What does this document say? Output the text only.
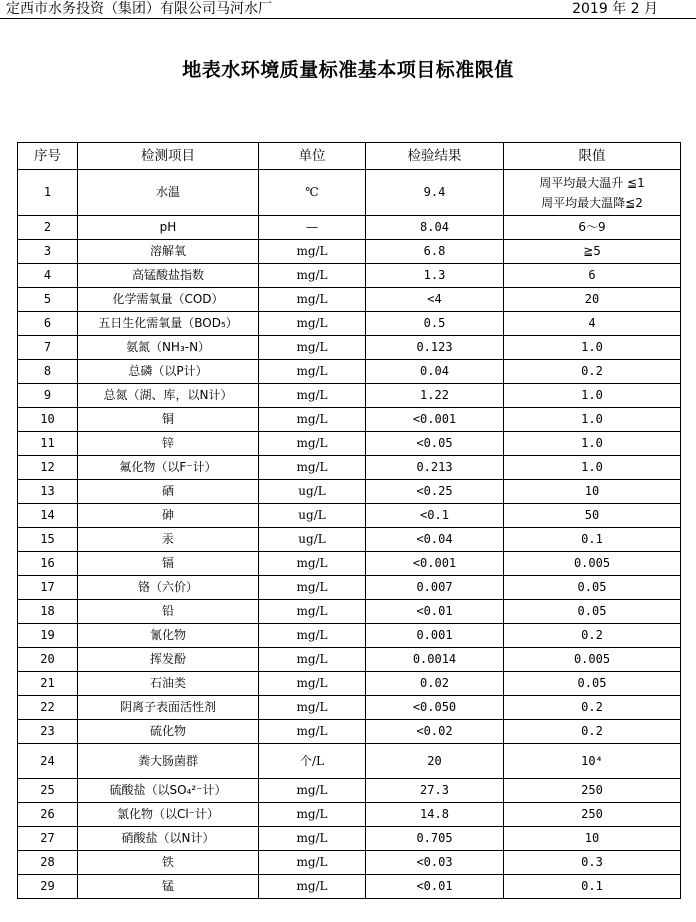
定西市水务投资（集团）有限公司马河水厂	2019 年 2 月
地表水环境质量标准基本项目标准限值
序号	检测项目	单位	检验结果	限值
1	水温	℃	9.4	周平均最大温升 ≦1
周平均最大温降≦2

2	pH	—	8.04	6～9
3	溶解氧	mg/L	6.8	≧5
4	高锰酸盐指数	mg/L	1.3	6
5	化学需氧量（COD）	mg/L	<4	20
6	五日生化需氧量（BOD₅）	mg/L	0.5	4
7	氨氮（NH₃-N）	mg/L	0.123	1.0
8	总磷（以P计）	mg/L	0.04	0.2
9	总氮（湖、库，以N计）	mg/L	1.22	1.0
10	铜	mg/L	<0.001	1.0
11	锌	mg/L	<0.05	1.0
12	氟化物（以F⁻计）	mg/L	0.213	1.0
13	硒	ug/L	<0.25	10
14	砷	ug/L	<0.1	50
15	汞	ug/L	<0.04	0.1
16	镉	mg/L	<0.001	0.005
17	铬（六价）	mg/L	0.007	0.05
18	铅	mg/L	<0.01	0.05
19	氰化物	mg/L	0.001	0.2
20	挥发酚	mg/L	0.0014	0.005
21	石油类	mg/L	0.02	0.05
22	阴离子表面活性剂	mg/L	<0.050	0.2
23	硫化物	mg/L	<0.02	0.2
24	粪大肠菌群	个/L	20	10⁴
25	硫酸盐（以SO₄²⁻计）	mg/L	27.3	250
26	氯化物（以Cl⁻计）	mg/L	14.8	250
27	硝酸盐（以N计）	mg/L	0.705	10
28	铁	mg/L	<0.03	0.3
29	锰	mg/L	<0.01	0.1
